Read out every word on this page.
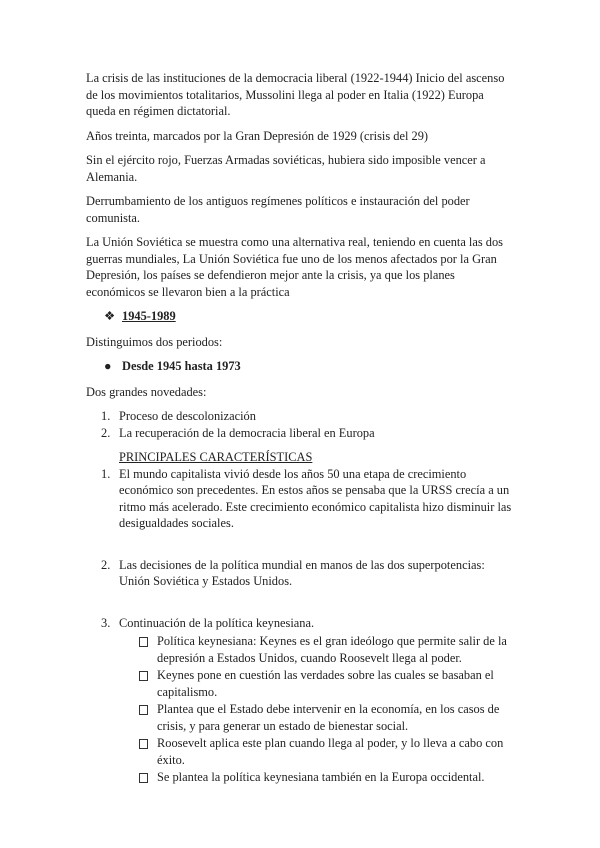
La crisis de las instituciones de la democracia liberal (1922-1944) Inicio del ascenso de los movimientos totalitarios, Mussolini llega al poder en Italia (1922) Europa queda en régimen dictatorial.

Años treinta, marcados por la Gran Depresión de 1929 (crisis del 29)

Sin el ejército rojo, Fuerzas Armadas soviéticas, hubiera sido imposible vencer a Alemania.

Derrumbamiento de los antiguos regímenes políticos e instauración del poder comunista.

La Unión Soviética se muestra como una alternativa real, teniendo en cuenta las dos guerras mundiales, La Unión Soviética fue uno de los menos afectados por la Gran Depresión, los países se defendieron mejor ante la crisis, ya que los planes económicos se llevaron bien a la práctica

❖ 1945-1989

Distinguimos dos periodos:

● Desde 1945 hasta 1973

Dos grandes novedades:

1. Proceso de descolonización
2. La recuperación de la democracia liberal en Europa
PRINCIPALES CARACTERÍSTICAS
1. El mundo capitalista vivió desde los años 50 una etapa de crecimiento económico son precedentes. En estos años se pensaba que la URSS crecía a un ritmo más acelerado. Este crecimiento económico capitalista hizo disminuir las desigualdades sociales.
2. Las decisiones de la política mundial en manos de las dos superpotencias: Unión Soviética y Estados Unidos.
3. Continuación de la política keynesiana.
Política keynesiana: Keynes es el gran ideólogo que permite salir de la depresión a Estados Unidos, cuando Roosevelt llega al poder.
Keynes pone en cuestión las verdades sobre las cuales se basaban el capitalismo.
Plantea que el Estado debe intervenir en la economía, en los casos de crisis, y para generar un estado de bienestar social.
Roosevelt aplica este plan cuando llega al poder, y lo lleva a cabo con éxito.
Se plantea la política keynesiana también en la Europa occidental.
